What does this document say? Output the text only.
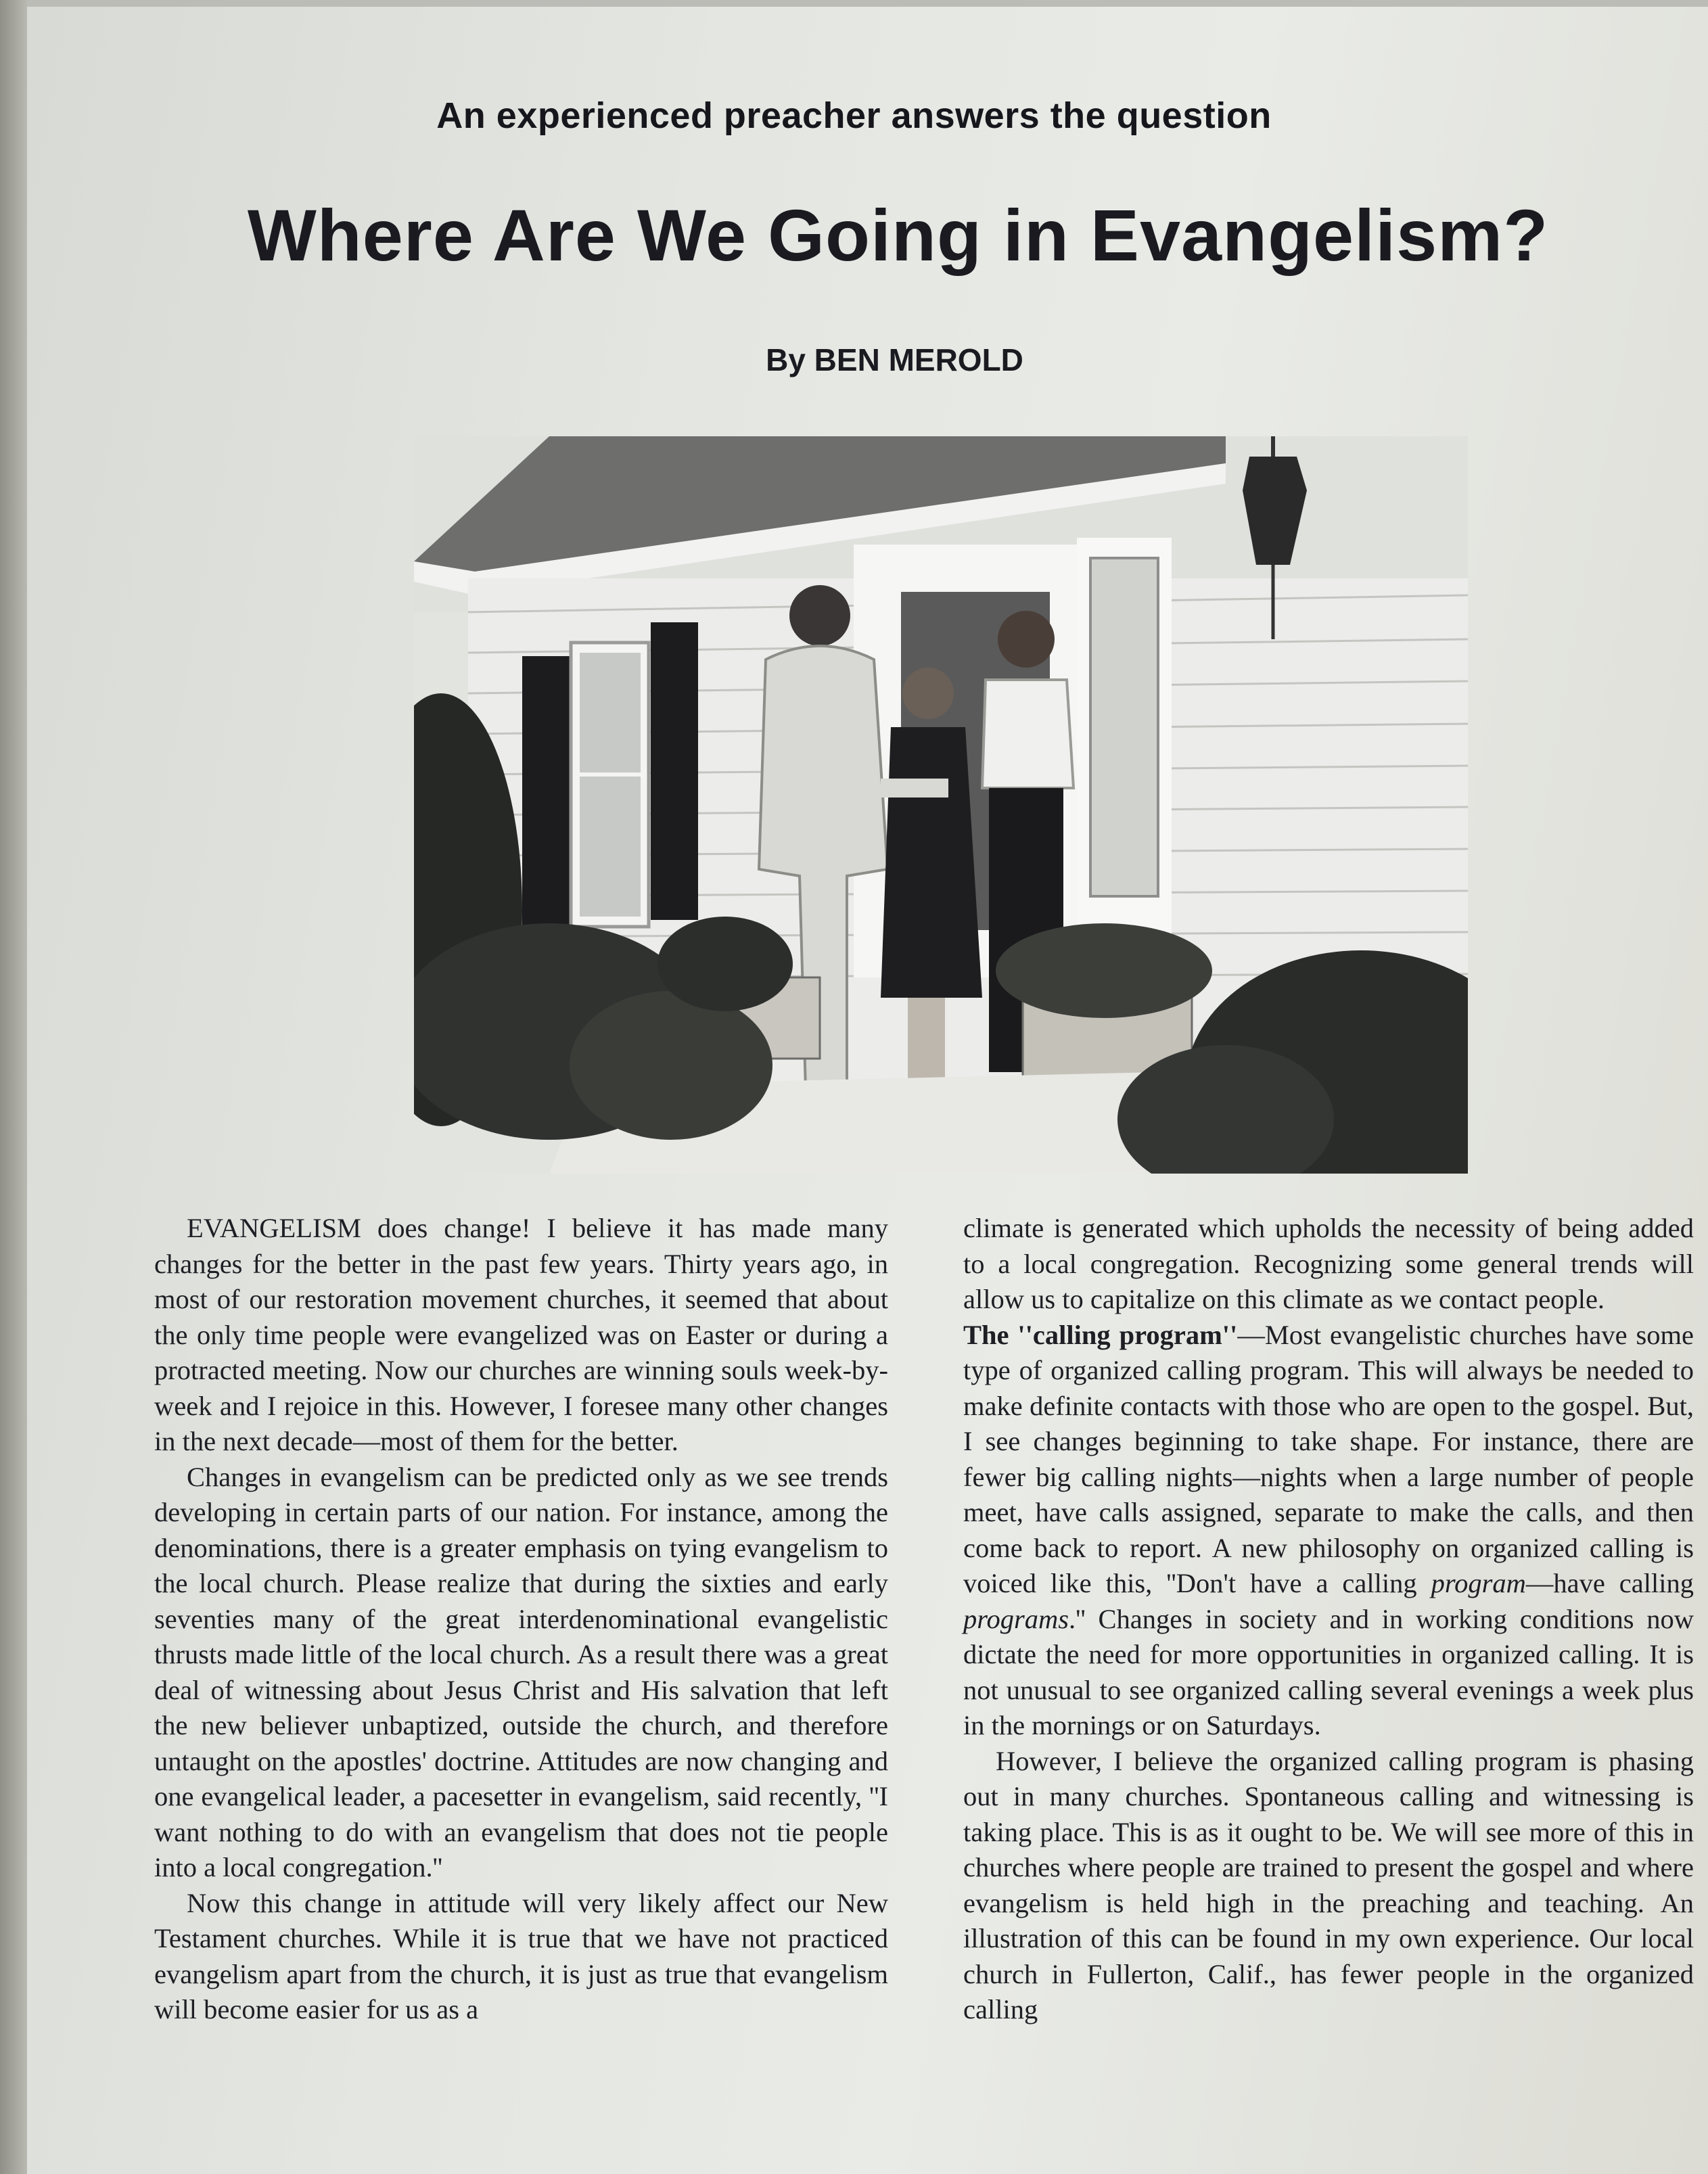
An experienced preacher answers the question
Where Are We Going in Evangelism?
By BEN MEROLD

EVANGELISM does change! I believe it has made many changes for the better in the past few years. Thirty years ago, in most of our restoration movement churches, it seemed that about the only time people were evangelized was on Easter or during a protracted meeting. Now our churches are winning souls week-by-week and I rejoice in this. However, I foresee many other changes in the next decade—most of them for the better.

Changes in evangelism can be predicted only as we see trends developing in certain parts of our nation. For instance, among the denominations, there is a greater emphasis on tying evangelism to the local church. Please realize that during the sixties and early seventies many of the great interdenominational evangelistic thrusts made little of the local church. As a result there was a great deal of witnessing about Jesus Christ and His salvation that left the new believer unbaptized, outside the church, and therefore untaught on the apostles' doctrine. Attitudes are now changing and one evangelical leader, a pacesetter in evangelism, said recently, ''I want nothing to do with an evangelism that does not tie people into a local congregation.''

Now this change in attitude will very likely affect our New Testament churches. While it is true that we have not practiced evangelism apart from the church, it is just as true that evangelism will become easier for us as a

climate is generated which upholds the necessity of being added to a local congregation. Recognizing some general trends will allow us to capitalize on this climate as we contact people.

The ''calling program''—Most evangelistic churches have some type of organized calling program. This will always be needed to make definite contacts with those who are open to the gospel. But, I see changes beginning to take shape. For instance, there are fewer big calling nights—nights when a large number of people meet, have calls assigned, separate to make the calls, and then come back to report. A new philosophy on organized calling is voiced like this, ''Don't have a calling program—have calling programs.'' Changes in society and in working conditions now dictate the need for more opportunities in organized calling. It is not unusual to see organized calling several evenings a week plus in the mornings or on Saturdays.

However, I believe the organized calling program is phasing out in many churches. Spontaneous calling and witnessing is taking place. This is as it ought to be. We will see more of this in churches where people are trained to present the gospel and where evangelism is held high in the preaching and teaching. An illustration of this can be found in my own experience. Our local church in Fullerton, Calif., has fewer people in the organized calling
